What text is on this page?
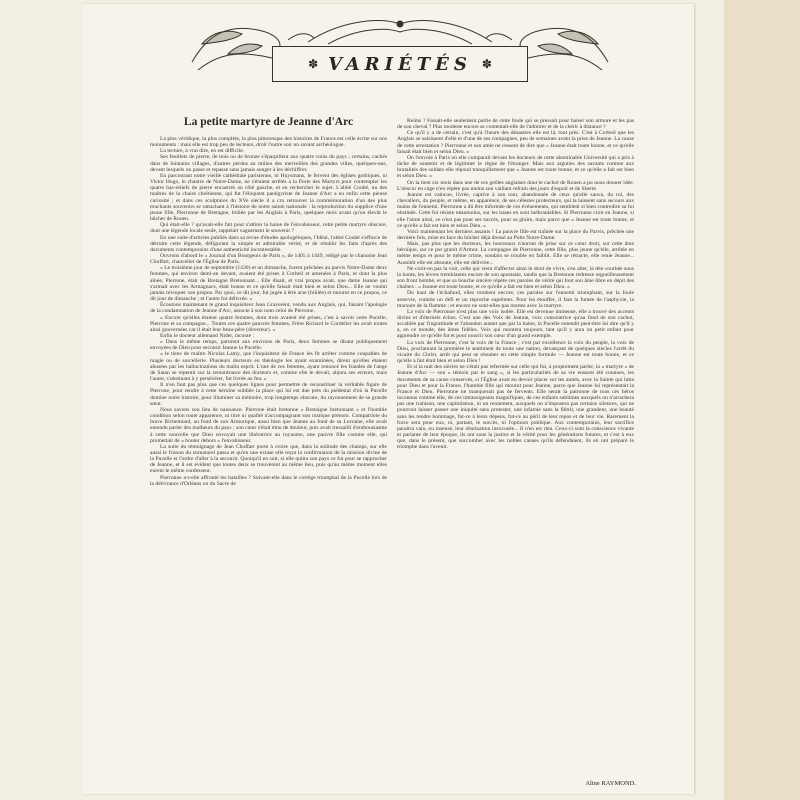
✽ VARIÉTÉS ✽
La petite martyre de Jeanne d'Arc

La plus véridique, la plus complète, la plus pittoresque des histoires de France est celle écrite sur nos monuments : mais elle est trop peu de lecteurs, droit l'outre soir un savant archéologue.

La lecture, à vrai dire, en est difficile.

Ses feuillets de pierre, de bois ou de bronze s'éparpillent aux quatre coins du pays ; certains, cachés dans de lointains villages, d'autres perdus au milieu des merveilles des grandes villes, quelques-uns, devant lesquels on passe et repasse sans jamais songer à les déchiffrer.

En parcourant notre vieille cathédrale parisienne, ni Huysmans, le fervent des églises gothiques, ni Victor Hugo, le chantre de Notre-Dame, ne s'étaient arrêtés à la Porte des Martyrs pour contempler les quatre bas-reliefs de pierre encastrés au côté gauche, et en rechercher le sujet. L'abbé Coubé, un des maîtres de la chaire chrétienne, qui fut l'éloquent panégyriste de Jeanne d'Arc a eu enfin cette pieuse curiosité ; et dans ces sculptures du XVe siècle il a cru retrouver la commémoration d'un des plus touchants souvenirs se rattachant à l'histoire de notre sainte nationale : la reproduction du supplice d'une jeune fille, Pierronne de Bretagne, brûlée par les Anglais à Paris, quelques mois avant qu'on élevât le bûcher de Rouen.

Qui était-elle ? qu'avait-elle fait pour s'attirer la haine de l'envahisseur, cette petite martyre obscure, dont une légende locale seule, rappelait vaguement le souvenir ?

En une suite d'articles publiés dans sa revue d'études apologétiques, l'Idéal, l'abbé Coubé s'efforce de détruire cette légende, défigurant la simple et admirable vérité, et de rétablir les faits d'après des documents contemporains d'une authenticité incontestable.

Ouvrons d'abord le « Journal d'un Bourgeois de Paris », de 1405 à 1449, rédigé par le chanoine Jean Chuffart, chancelier de l'Église de Paris.

« Le troisième jour de septembre (1430) et un dimanche, furent prêchées au parvis Notre-Dame deux femmes, qui environ demi-an devant, avaient été prises à Corbeil et amenées à Paris, et dont la plus aînée, Pierrone, était de Bretagne Bretonnant... Elle disait, et vrai propos avait, que dame Jeanne qui s'armait avec les Armagnacs, était bonne et ce qu'elle faisait était bien et selon Dieu... Elle ne voulut jamais révoquer son propos. Par quoi, ce dit jour, fut jugée à être arse (brûlée) et mourut en ce propos, ce dit jour de dimanche ; et l'autre fut délivrée. »

Écoutons maintenant le grand inquisiteur Jean Graverent, vendu aux Anglais, qui, faisant l'apologie de la condamnation de Jeanne d'Arc, associe à son nom celui de Pierrone.

« Encore qu'elles étaient quatre femmes, dont trois avaient été prises, c'est à savoir cette Pucelle, Pierrone et sa compagne... Toutes ces quatre pauvres femmes, Frère Richard le Cordelier les avait toutes ainsi gouvernées car il était leur beau-père (directeur). »

Enfin le docteur allemand Nider, raconte :

« Dans le même temps, parurent aux environs de Paris, deux femmes se disant publiquement envoyées de Dieu pour secourir Jeanne la Pucelle.

« le tiens de maître Nicolas Lamy, que l'inquisiteur de France les fit arrêter comme coupables de magie ou de sorcellerie. Plusieurs docteurs en théologie les ayant examinées, dirent qu'elles étaient abusées par les hallucinations du malin esprit. L'une de ces femmes, ayant renoncé les fraudes de l'ange de Satan se repentit sur la remontrance des docteurs et, comme elle le devait, abjura ses erreurs, mais l'autre, s'obstinant à y persévérer, fut livrée au feu. »

Il n'en faut pas plus que ces quelques lignes pour permettre de reconstituer la véritable figure de Pierrone, pour rendre à cette héroïne oubliée la place qui lui est due près du piédestal d'où la Pucelle domine notre histoire, pour illuminer sa mémoire, trop longtemps obscure, du rayonnement de sa grande sœur.

Nous savons son lieu de naissance. Pierrone était bretonne « Bretaigne bretonnant » et l'humble condition selon toute apparence, ni titre ni qualité n'accompagnant son rustique prénom. Compatriote du brave Richemond, au fond de son Armorique, aussi bien que Jeanne au fond de sa Lorraine, elle avait entendu parler des malheurs du pays ; son cœur s'était ému de douleur, puis avait tressailli d'enthousiasme à cette nouvelle que Dieu envoyait une libératrice au royaume, une pauvre fille comme elle, qui promettait de « bouter dehors » l'envahisseur.

La suite du témoignage de Jean Chuffart porte à croire que, dans la solitude des champs, sur elle aussi le frisson du surnaturel passa et qu'en une extase elle reçut la confirmation de la mission divine de la Pucelle et l'ordre d'aller à la secourir. Quoiqu'il en soit, si elle quitta son pays ce fut pour se rapprocher de Jeanne, et il est évident que toutes deux se trouvèrent au même lieu, puis qu'au même moment elles eurent le même confesseur.

Pierronne a-t-elle affronté les batailles ? Suivant-elle dans le cortège triomphal de la Pucelle lors de la délivrance d'Orléans ou du Sacre de

Reims ? Faisait-elle seulement partie de cette foule qui se pressait pour baiser son armure et les pas de son cheval ? Plus modeste encore se contentait-elle de l'admirer et de la chérir à distance ?

Ce qu'il y a de certain, c'est qu'à l'heure des désastres elle est là, tout près. C'est à Corbeil que les Anglais se saisissent d'elle et d'une de ses compagnes, peu de semaines avant la prise de Jeanne. La cause de cette arrestation ? Pierronne et son amie ne cessent de dire que « Jeanne était toute bonne, et ce qu'elle faisait était bien et selon Dieu. »

On l'envoie à Paris où elle comparaît devant les docteurs de cette abominable Université qui a pris à tâche de soutenir et de légitimer le règne de l'étranger. Mais aux arguties des savants comme aux brutalités des soldats elle répond tranquillement que « Jeanne est toute bonne, et ce qu'elle a fait est bien et selon Dieu. »

On la tient six mois dans une de ces geôles anglaises dont le cachot de Rouen a pu nous donner idée. L'obscur en cage n'en répète pas moins son vaillant refrain des jours d'espoir et de liberté.

Jeanne est vaincue, livrée, captive à son tour, abandonnée de ceux qu'elle sauva, du roi, des chevaliers, du peuple, et même, en apparence, de ses célestes protecteurs, qui la laissent sans secours aux mains de l'ennemi. Pierronne a dû être informée de ces événements, qui semblent si bien contredire sa foi obstinée. Cette foi résiste néanmoins, sur les bases en sont inébranlables. Si Pierronne croit en Jeanne, si elle l'aime ainsi, ce n'est pas pour ses succès, pour sa gloire, mais parce que « Jeanne est toute bonne, et ce qu'elle a fait est bien et selon Dieu. »

Voici maintenant les derniers assauts ! La pauvre fille est traînée sur la place du Parvis, prêchée une dernière fois, mise en face du bûcher déjà dressé au Puits Notre-Dame.

Mais, pas plus que les docteurs, les bourreaux n'auront de prise sur ce cœur droit, sur cette âme héroïque, sur ce pur granit d'Armor. La compagne de Pierronne, cette fille, plus jeune qu'elle, arrêtée en même temps et pour le même crime, soudain se trouble en faiblit. Elle se rétracte, elle renie Jeanne... Aussitôt elle est absoute, elle est délivrée...

Ne croit-on pas la voir, celle qui vient d'affecter ainsi le droit de vivre, s'en aller, la tête courbée sous la honte, les lèvres tremblantes encore de son apostasie, tandis que la Bretonne redresse orgueilleusement son front bombé, et que sa bouche sincère répète ces paroles de vérité qui font son âme libre en dépit des chaînes : « Jeanne est toute bonne, et ce qu'elle a fait est bien et selon Dieu. »

Du haut de l'échafaud, elles tombent encore, ces paroles sur l'ennemi triomphant, sur la foule asservie, comme un défi et un reproche suprêmes. Pour les étouffer, il faut la fumée de l'asphyxie, la morsure de la flamme ; et encore ne sont-elles pas mortes avec la martyre.

La voix de Pierronne n'est plus une voix isolée. Elle est devenue immense, elle a trouvé des accents divins et d'éternels échos. C'est une des Voix de Jeanne, voix consolatrice qu'au fond de son cachot, accablée par l'ingratitude et l'abandon autant que par la haine, la Pucelle entendit peut-être lui dire qu'il y a, en ce monde, des âmes fidèles. Voix qui montera toujours, tant qu'il y aura un petit enfant pour apprendre ce qu'elle fut et pour nourrir son cœur d'un grand exemple.

La voix de Pierronne, c'est la voix de la France ; c'est par excellence la voix du peuple, la voix de Dieu, proclamant la première le sentiment de toute une nation, devançant de quelques siècles l'arrêt du vicaire du Christ, arrêt qui peut se résumer en cette simple formule — Jeanne est toute bonne, et ce qu'elle a fait était bien et selon Dieu !

Et si la nuit des siècles ne s'était pas refermée sur celle qui fut, à proprement parler, la « martyre » de Jeanne d'Arc — son « témoin par le sang », si les particularités de sa vie eussent été connues, les documents de sa cause conservés, si l'Église avait eu devoir placer sur les autels, avec la Sainte qui lutta pour Dieu et pour la France, l'humble fille qui mourut pour Jeanne, parce que Jeanne lui représentait la France et Dieu. Pierronne ne manquerait pas de fervents. Elle serait la patronne de tous ces héros inconnus comme elle, de ces intransigeants magnifiques, de ces enfants sublimes auxquels on n'arrachera pas une trahison, une capitulation, ni un reniement, auxquels on n'imposera pas certains silences, qui ne pourront laisser passer une iniquité sans protester, une infamie sans la flétrir, une grandeur, une beauté sans les rendre hommage, fut-ce à leurs dépens, fut-ce au péril de leur repos et de leur vie. Rarement la force sera pour eux, ni, partant, le succès, ni l'opinion publique. Aux contemporains, leur sacrifice paraîtra vain, ou insensé, leur obstination inexcusée... Il n'en est rien. Ceux-ci sont la conscience vivante et parlante de leur époque, ils ont sous la justice et la vérité pour les générations futures, et c'est à eux que, dans le présent, que succomber avec les nobles causes qu'ils défendaient, ils en ont préparé le triomphe dans l'avenir.

Aline RAYMOND.
